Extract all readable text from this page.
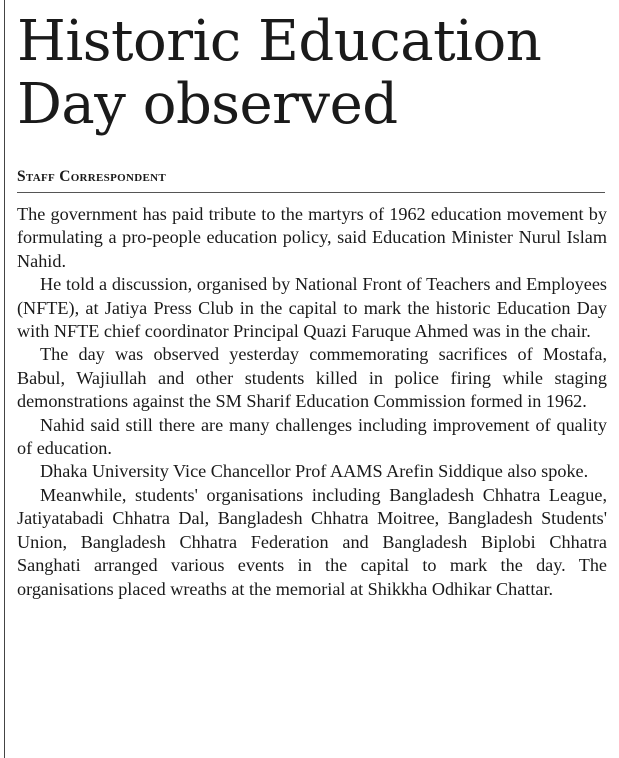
Historic Education
Day observed
Staff Correspondent

The government has paid tribute to the martyrs of 1962 education movement by formulating a pro-people education policy, said Education Minister Nurul Islam Nahid.

He told a discussion, organised by National Front of Teachers and Employees (NFTE), at Jatiya Press Club in the capital to mark the historic Education Day with NFTE chief coordinator Principal Quazi Faruque Ahmed was in the chair.

The day was observed yesterday commemorating sacrifices of Mostafa, Babul, Wajiullah and other students killed in police firing while staging demonstrations against the SM Sharif Education Commission formed in 1962.

Nahid said still there are many challenges including improvement of quality of education.

Dhaka University Vice Chancellor Prof AAMS Arefin Siddique also spoke.

Meanwhile, students' organisations including Bangladesh Chhatra League, Jatiyatabadi Chhatra Dal, Bangladesh Chhatra Moitree, Bangladesh Students' Union, Bangladesh Chhatra Federation and Bangladesh Biplobi Chhatra Sanghati arranged various events in the capital to mark the day. The organisations placed wreaths at the memorial at Shikkha Odhikar Chattar.
